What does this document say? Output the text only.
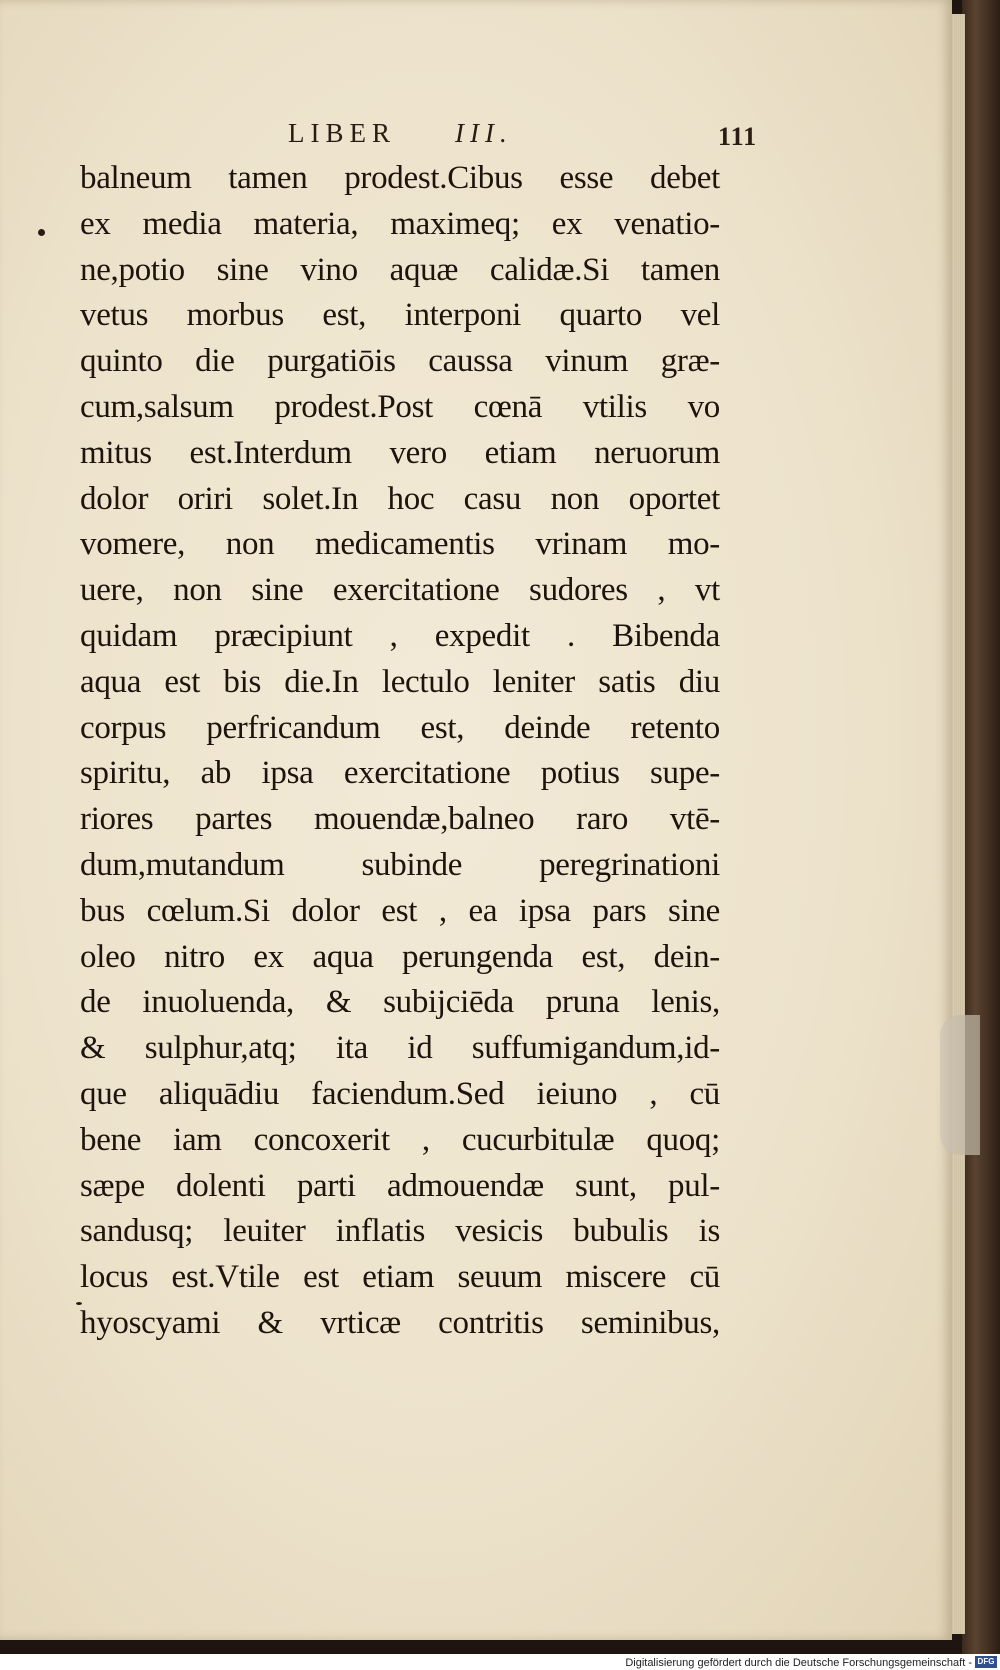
LIBER III.	111
balneum tamen prodest.Cibus esse debet
ex media materia, maximeq; ex venatio-
ne,potio sine vino aquæ calidæ.Si tamen
vetus morbus est, interponi quarto vel
quinto die purgatiōis caussa vinum græ-
cum,salsum prodest.Post cœnā vtilis vo
mitus est.Interdum vero etiam neruorum
dolor oriri solet.In hoc casu non oportet
vomere, non medicamentis vrinam mo-
uere, non sine exercitatione sudores , vt
quidam præcipiunt , expedit . Bibenda
aqua est bis die.In lectulo leniter satis diu
corpus perfricandum est, deinde retento
spiritu, ab ipsa exercitatione potius supe-
riores partes mouendæ,balneo raro vtē-
dum,mutandum subinde peregrinationi
bus cœlum.Si dolor est , ea ipsa pars sine
oleo nitro ex aqua perungenda est, dein-
de inuoluenda, & subijciēda pruna lenis,
& sulphur,atq; ita id suffumigandum,id-
que aliquādiu faciendum.Sed ieiuno , cū
bene iam concoxerit , cucurbitulæ quoq;
sæpe dolenti parti admouendæ sunt, pul-
sandusq; leuiter inflatis vesicis bubulis is
locus est.Vtile est etiam seuum miscere cū
hyoscyami & vrticæ contritis seminibus,
Digitalisierung gefördert durch die Deutsche Forschungsgemeinschaft - DFG
